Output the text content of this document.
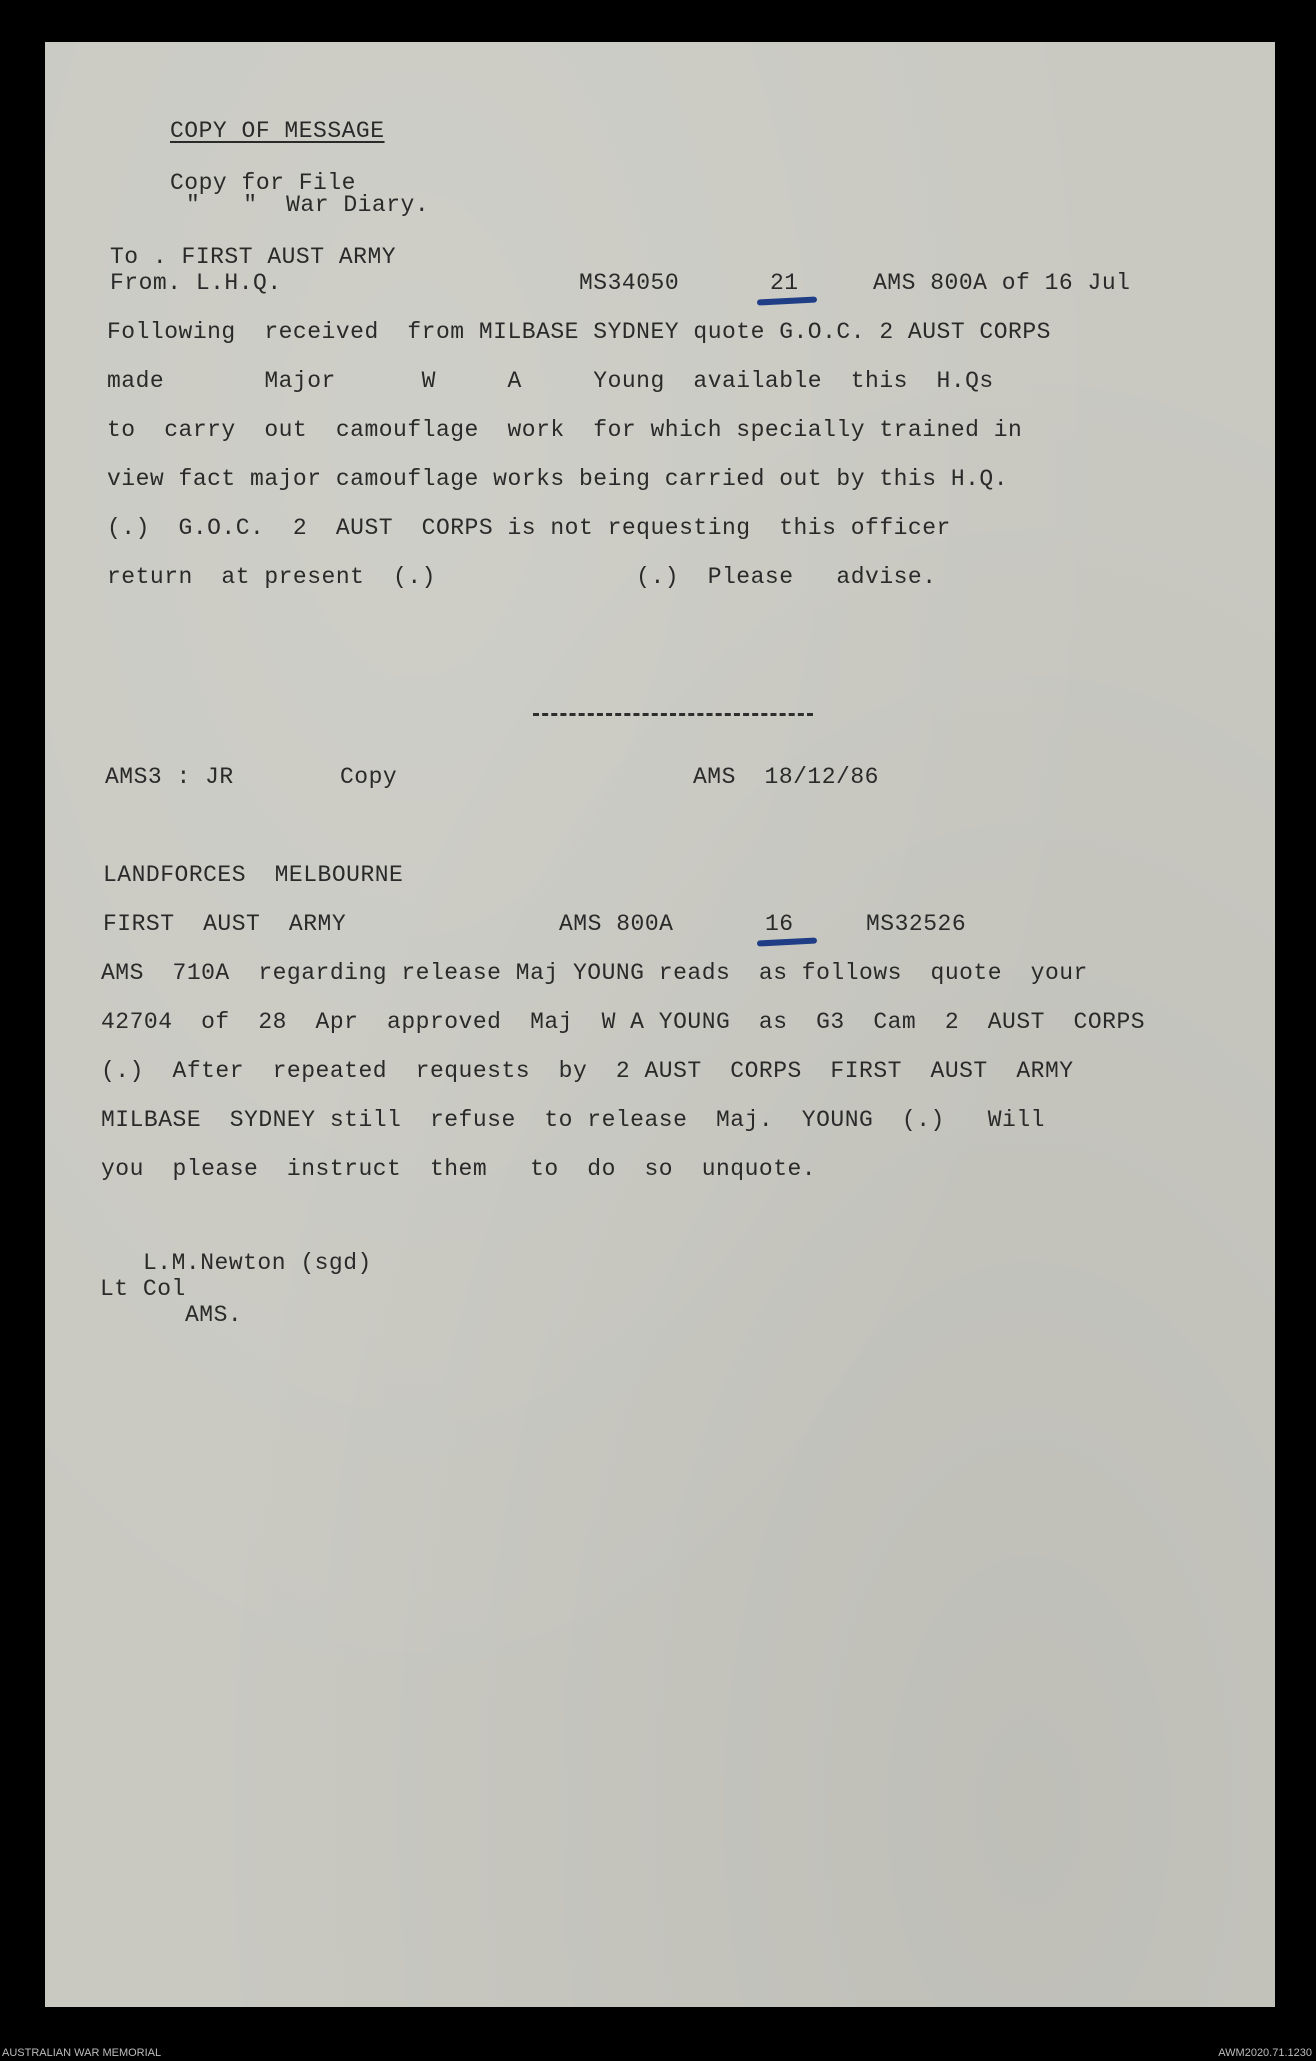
COPY OF MESSAGE
Copy for File
"   "  War Diary.
To . FIRST AUST ARMY
From. L.H.Q.	MS34050	21	AMS 800A of 16 Jul
Following  received  from MILBASE SYDNEY quote G.O.C. 2 AUST CORPS
made       Major      W     A     Young  available  this  H.Qs
to  carry  out  camouflage  work  for which specially trained in
view fact major camouflage works being carried out by this H.Q.
(.)  G.O.C.  2  AUST  CORPS is not requesting  this officer
return  at present  (.)              (.)  Please   advise.
AMS3 : JR	Copy	AMS  18/12/86
LANDFORCES  MELBOURNE
FIRST  AUST  ARMY	AMS 800A	16	MS32526
AMS  710A  regarding release Maj YOUNG reads  as follows  quote  your
42704  of  28  Apr  approved  Maj  W A YOUNG  as  G3  Cam  2  AUST  CORPS
(.)  After  repeated  requests  by  2 AUST  CORPS  FIRST  AUST  ARMY
MILBASE  SYDNEY still  refuse  to release  Maj.  YOUNG  (.)   Will
you  please  instruct  them   to  do  so  unquote.
L.M.Newton (sgd)
Lt Col
AMS.
AUSTRALIAN WAR MEMORIAL	AWM2020.71.1230
